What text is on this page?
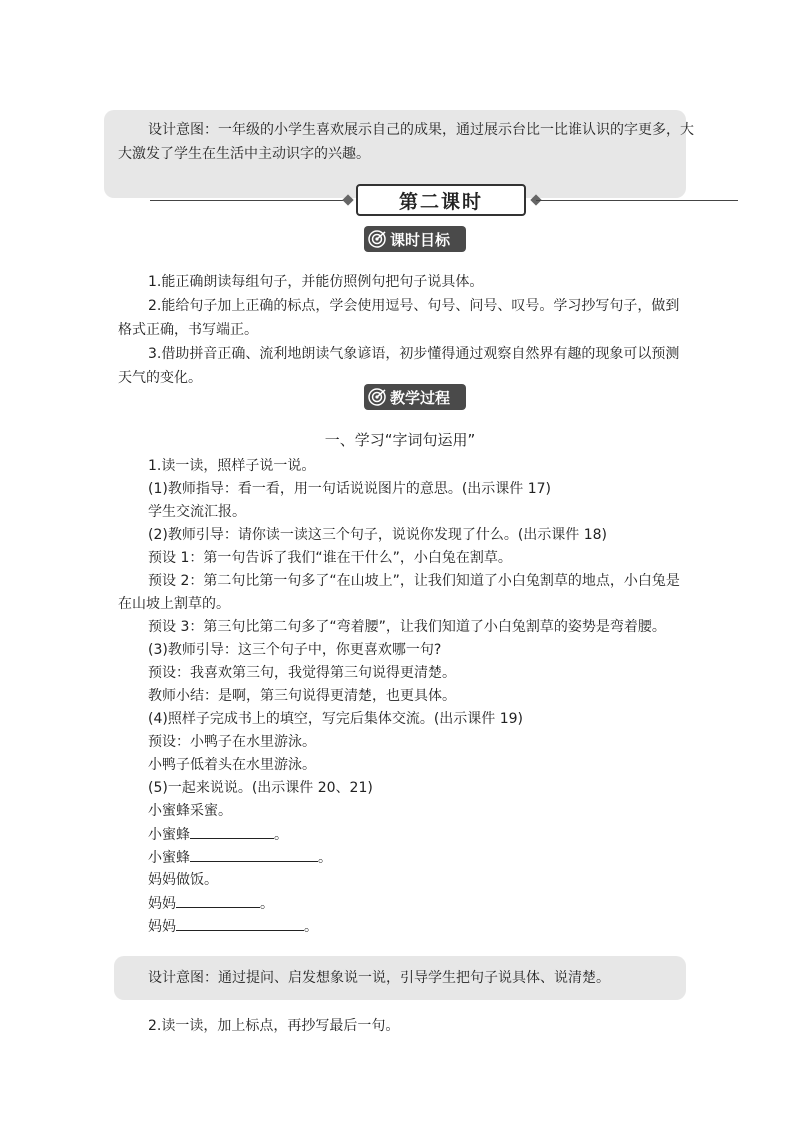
设计意图：一年级的小学生喜欢展示自己的成果，通过展示台比一比谁认识的字更多，大
大激发了学生在生活中主动识字的兴趣。
第二课时
课时目标
1.能正确朗读每组句子，并能仿照例句把句子说具体。
2.能给句子加上正确的标点，学会使用逗号、句号、问号、叹号。学习抄写句子，做到
格式正确，书写端正。
3.借助拼音正确、流利地朗读气象谚语，初步懂得通过观察自然界有趣的现象可以预测
天气的变化。
教学过程
一、学习“字词句运用”
1.读一读，照样子说一说。
(1)教师指导：看一看，用一句话说说图片的意思。(出示课件 17)
学生交流汇报。
(2)教师引导：请你读一读这三个句子，说说你发现了什么。(出示课件 18)
预设 1：第一句告诉了我们“谁在干什么”，小白兔在割草。
预设 2：第二句比第一句多了“在山坡上”，让我们知道了小白兔割草的地点，小白兔是
在山坡上割草的。
预设 3：第三句比第二句多了“弯着腰”，让我们知道了小白兔割草的姿势是弯着腰。
(3)教师引导：这三个句子中，你更喜欢哪一句?
预设：我喜欢第三句，我觉得第三句说得更清楚。
教师小结：是啊，第三句说得更清楚，也更具体。
(4)照样子完成书上的填空，写完后集体交流。(出示课件 19)
预设：小鸭子在水里游泳。
小鸭子低着头在水里游泳。
(5)一起来说说。(出示课件 20、21)
小蜜蜂采蜜。
小蜜蜂	。
小蜜蜂	。
妈妈做饭。
妈妈	。
妈妈	。
设计意图：通过提问、启发想象说一说，引导学生把句子说具体、说清楚。
2.读一读，加上标点，再抄写最后一句。
